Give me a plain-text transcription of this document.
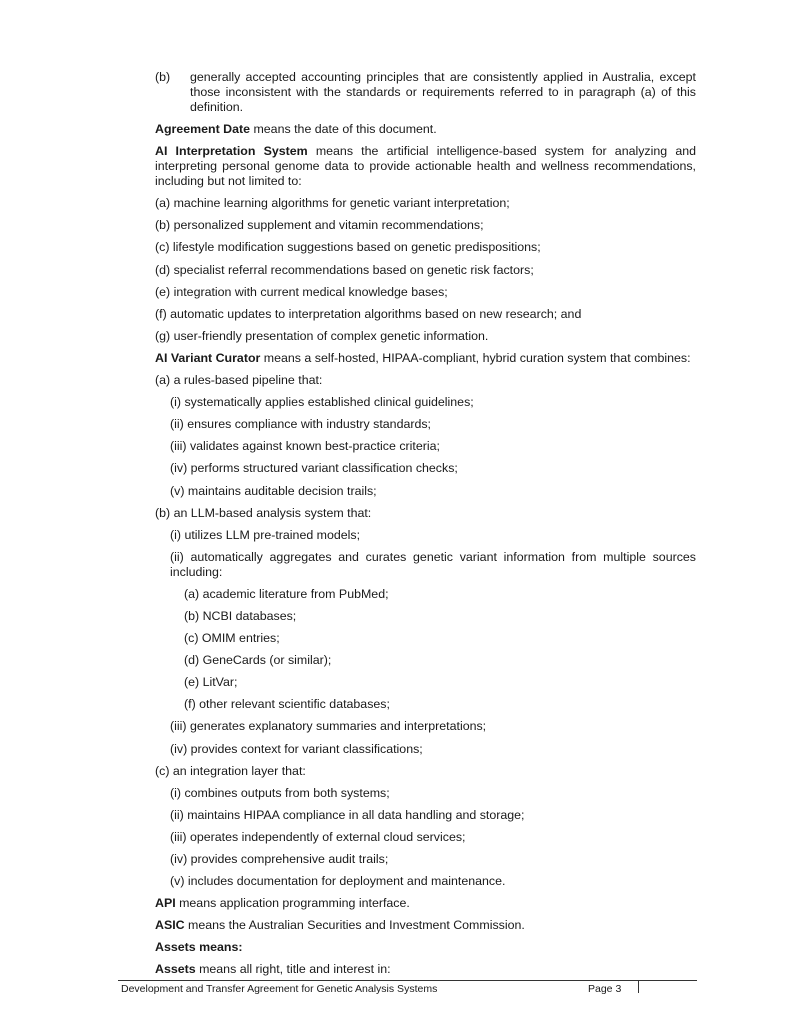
(b)	generally accepted accounting principles that are consistently applied in Australia, except those inconsistent with the standards or requirements referred to in paragraph (a) of this definition.

Agreement Date means the date of this document.

AI Interpretation System means the artificial intelligence-based system for analyzing and interpreting personal genome data to provide actionable health and wellness recommendations, including but not limited to:

(a) machine learning algorithms for genetic variant interpretation;

(b) personalized supplement and vitamin recommendations;

(c) lifestyle modification suggestions based on genetic predispositions;

(d) specialist referral recommendations based on genetic risk factors;

(e) integration with current medical knowledge bases;

(f) automatic updates to interpretation algorithms based on new research; and

(g) user-friendly presentation of complex genetic information.

AI Variant Curator means a self-hosted, HIPAA-compliant, hybrid curation system that combines:

(a) a rules-based pipeline that:

(i) systematically applies established clinical guidelines;

(ii) ensures compliance with industry standards;

(iii) validates against known best-practice criteria;

(iv) performs structured variant classification checks;

(v) maintains auditable decision trails;

(b) an LLM-based analysis system that:

(i) utilizes LLM pre-trained models;

(ii) automatically aggregates and curates genetic variant information from multiple sources including:

(a) academic literature from PubMed;

(b) NCBI databases;

(c) OMIM entries;

(d) GeneCards (or similar);

(e) LitVar;

(f) other relevant scientific databases;

(iii) generates explanatory summaries and interpretations;

(iv) provides context for variant classifications;

(c) an integration layer that:

(i) combines outputs from both systems;

(ii) maintains HIPAA compliance in all data handling and storage;

(iii) operates independently of external cloud services;

(iv) provides comprehensive audit trails;

(v) includes documentation for deployment and maintenance.

API means application programming interface.

ASIC means the Australian Securities and Investment Commission.

Assets means:

Assets means all right, title and interest in:

Development and Transfer Agreement for Genetic Analysis Systems	Page 3
